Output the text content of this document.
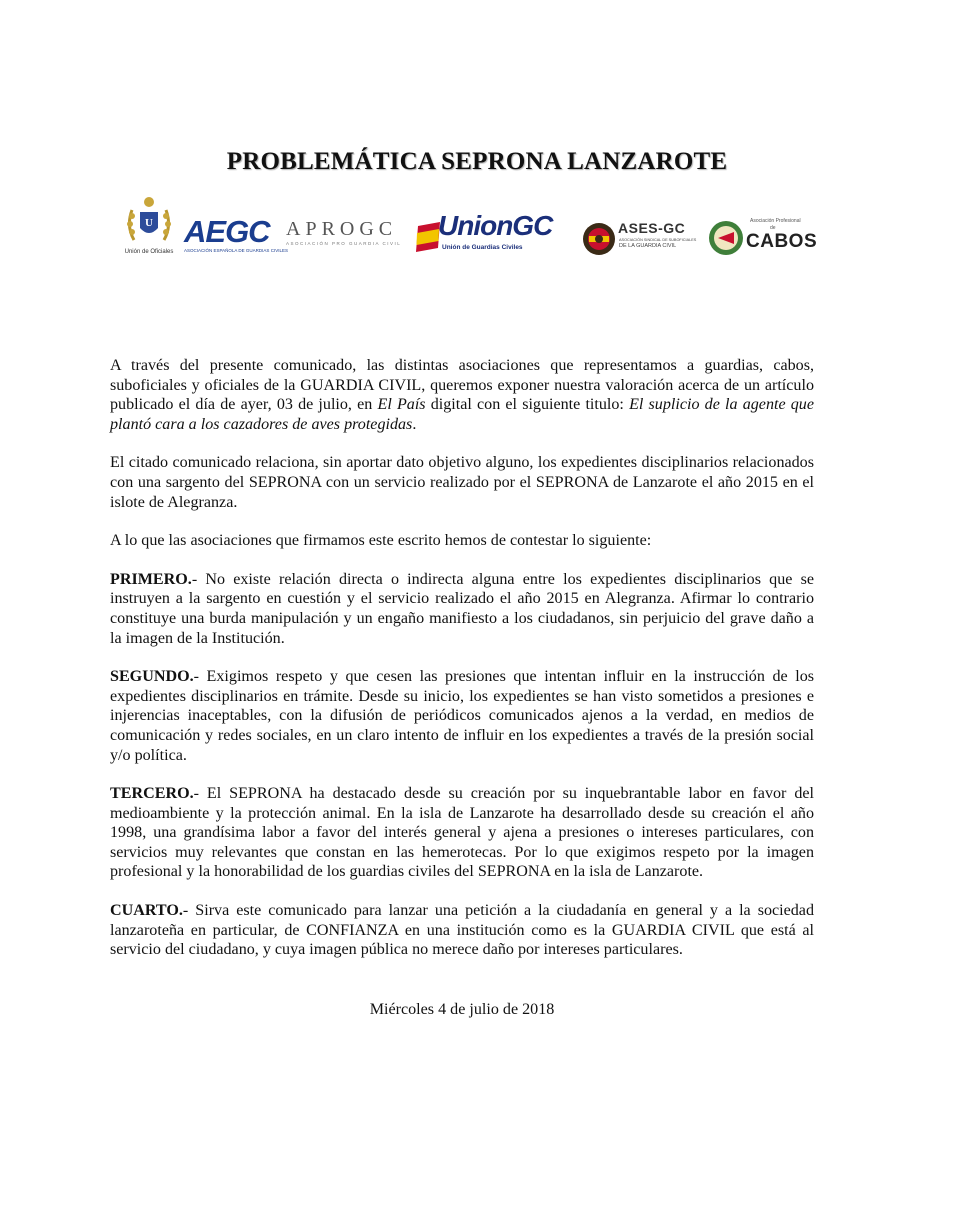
PROBLEMÁTICA SEPRONA LANZAROTE
U
Unión de Oficiales
AEGC
ASOCIACIÓN ESPAÑOLA DE GUARDIAS CIVILES
APROGC
ASOCIACIÓN PRO GUARDIA CIVIL
UnionGC
Unión de Guardias Civiles
ASES-GC
ASOCIACIÓN SINDICAL DE SUBOFICIALES
DE LA GUARDIA CIVIL
Asociación Profesional
de
CABOS

A través del presente comunicado, las distintas asociaciones que representamos a guardias, cabos, suboficiales y oficiales de la GUARDIA CIVIL, queremos exponer nuestra valoración acerca de un artículo publicado el día de ayer, 03 de julio, en El País digital con el siguiente titulo: El suplicio de la agente que plantó cara a los cazadores de aves protegidas.

El citado comunicado relaciona, sin aportar dato objetivo alguno, los expedientes disciplinarios relacionados con una sargento del SEPRONA con un servicio realizado por el SEPRONA de Lanzarote el año 2015 en el islote de Alegranza.

A lo que las asociaciones que firmamos este escrito hemos de contestar lo siguiente:

PRIMERO.- No existe relación directa o indirecta alguna entre los expedientes disciplinarios que se instruyen a la sargento en cuestión y el servicio realizado el año 2015 en Alegranza. Afirmar lo contrario constituye una burda manipulación y un engaño manifiesto a los ciudadanos, sin perjuicio del grave daño a la imagen de la Institución.

SEGUNDO.- Exigimos respeto y que cesen las presiones que intentan influir en la instrucción de los expedientes disciplinarios en trámite. Desde su inicio, los expedientes se han visto sometidos a presiones e injerencias inaceptables, con la difusión de periódicos comunicados ajenos a la verdad, en medios de comunicación y redes sociales, en un claro intento de influir en los expedientes a través de la presión social y/o política.

TERCERO.- El SEPRONA ha destacado desde su creación por su inquebrantable labor en favor del medioambiente y la protección animal. En la isla de Lanzarote ha desarrollado desde su creación el año 1998, una grandísima labor a favor del interés general y ajena a presiones o intereses particulares, con servicios muy relevantes que constan en las hemerotecas. Por lo que exigimos respeto por la imagen profesional y la honorabilidad de los guardias civiles del SEPRONA en la isla de Lanzarote.

CUARTO.- Sirva este comunicado para lanzar una petición a la ciudadanía en general y a la sociedad lanzaroteña en particular, de CONFIANZA en una institución como es la GUARDIA CIVIL que está al servicio del ciudadano, y cuya imagen pública no merece daño por intereses particulares.

Miércoles 4 de julio de 2018
